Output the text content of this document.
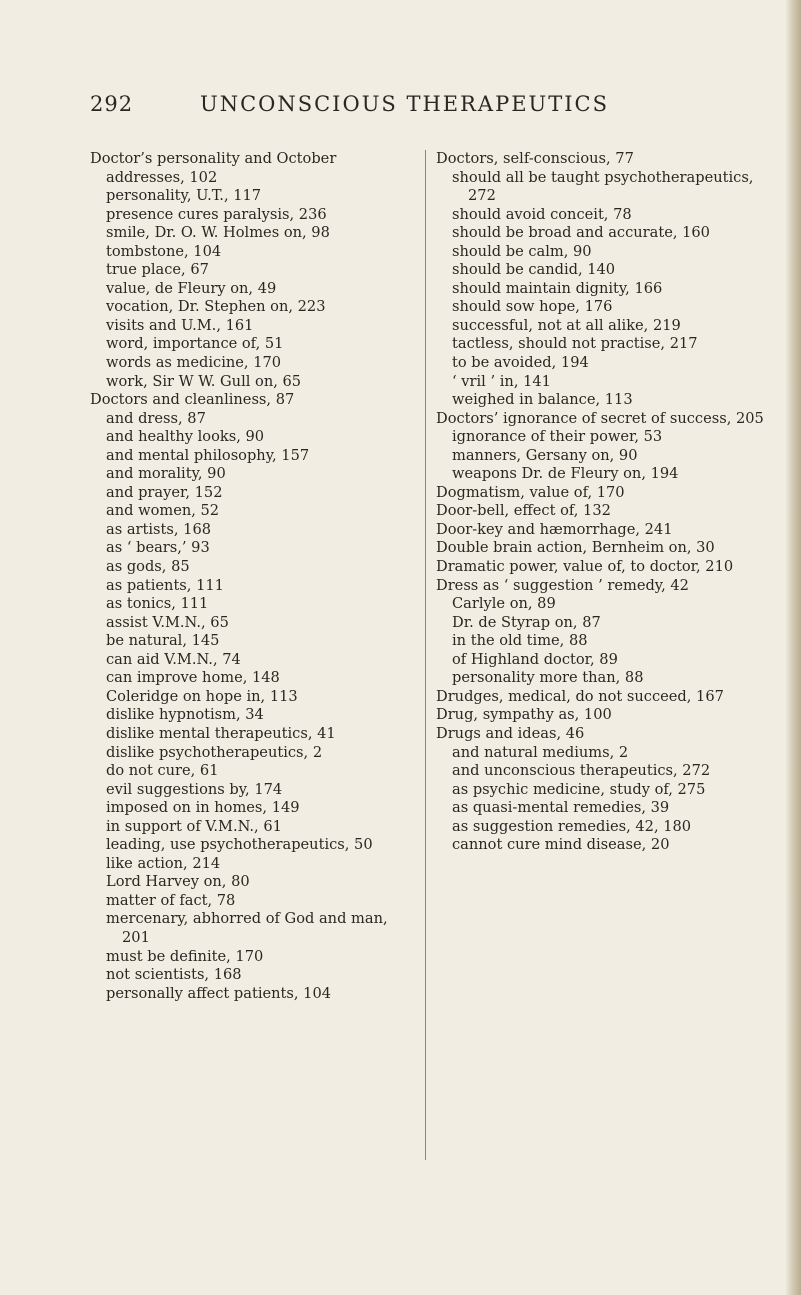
292	UNCONSCIOUS THERAPEUTICS
Doctor’s personality and October addresses, 102
personality, U.T., 117
presence cures paralysis, 236
smile, Dr. O. W. Holmes on, 98
tombstone, 104
true place, 67
value, de Fleury on, 49
vocation, Dr. Stephen on, 223
visits and U.M., 161
word, importance of, 51
words as medicine, 170
work, Sir W W. Gull on, 65
Doctors and cleanliness, 87
and dress, 87
and healthy looks, 90
and mental philosophy, 157
and morality, 90
and prayer, 152
and women, 52
as artists, 168
as ‘ bears,’ 93
as gods, 85
as patients, 111
as tonics, 111
assist V.M.N., 65
be natural, 145
can aid V.M.N., 74
can improve home, 148
Coleridge on hope in, 113
dislike hypnotism, 34
dislike mental therapeutics, 41
dislike psychotherapeutics, 2
do not cure, 61
evil suggestions by, 174
imposed on in homes, 149
in support of V.M.N., 61
leading, use psychotherapeutics, 50
like action, 214
Lord Harvey on, 80
matter of fact, 78
mercenary, abhorred of God and man, 201
must be definite, 170
not scientists, 168
personally affect patients, 104
Doctors, self-conscious, 77
should all be taught psychotherapeutics, 272
should avoid conceit, 78
should be broad and accurate, 160
should be calm, 90
should be candid, 140
should maintain dignity, 166
should sow hope, 176
successful, not at all alike, 219
tactless, should not practise, 217
to be avoided, 194
‘ vril ’ in, 141
weighed in balance, 113
Doctors’ ignorance of secret of success, 205
ignorance of their power, 53
manners, Gersany on, 90
weapons Dr. de Fleury on, 194
Dogmatism, value of, 170
Door-bell, effect of, 132
Door-key and hæmorrhage, 241
Double brain action, Bernheim on, 30
Dramatic power, value of, to doctor, 210
Dress as ‘ suggestion ’ remedy, 42
Carlyle on, 89
Dr. de Styrap on, 87
in the old time, 88
of Highland doctor, 89
personality more than, 88
Drudges, medical, do not succeed, 167
Drug, sympathy as, 100
Drugs and ideas, 46
and natural mediums, 2
and unconscious therapeutics, 272
as psychic medicine, study of, 275
as quasi-mental remedies, 39
as suggestion remedies, 42, 180
cannot cure mind disease, 20
